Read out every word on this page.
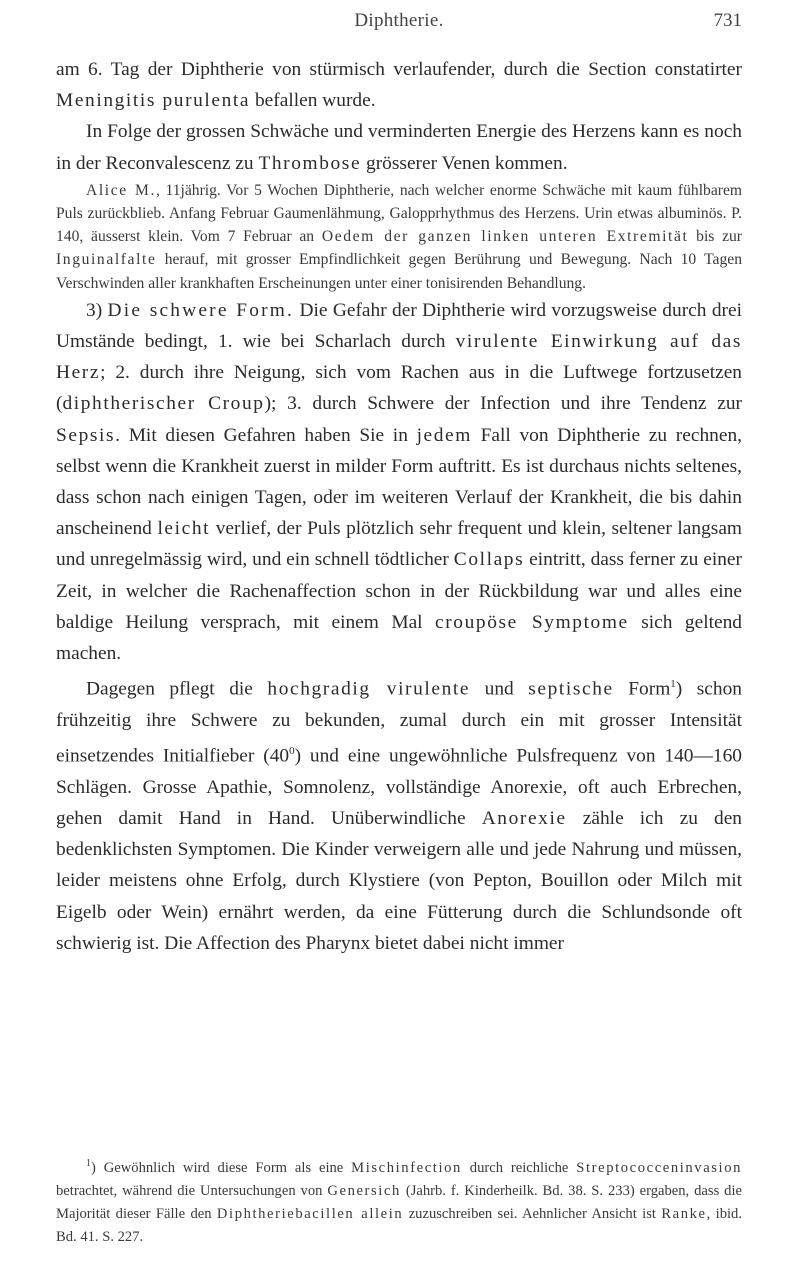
Diphtherie.	731

am 6. Tag der Diphtherie von stürmisch verlaufender, durch die Section constatirter Meningitis purulenta befallen wurde.

In Folge der grossen Schwäche und verminderten Energie des Herzens kann es noch in der Reconvalescenz zu Thrombose grösserer Venen kommen.

Alice M., 11jährig. Vor 5 Wochen Diphtherie, nach welcher enorme Schwäche mit kaum fühlbarem Puls zurückblieb. Anfang Februar Gaumenlähmung, Galopprhythmus des Herzens. Urin etwas albuminös. P. 140, äusserst klein. Vom 7 Februar an Oedem der ganzen linken unteren Extremität bis zur Inguinalfalte herauf, mit grosser Empfindlichkeit gegen Berührung und Bewegung. Nach 10 Tagen Verschwinden aller krankhaften Erscheinungen unter einer tonisirenden Behandlung.

3) Die schwere Form. Die Gefahr der Diphtherie wird vorzugsweise durch drei Umstände bedingt, 1. wie bei Scharlach durch virulente Einwirkung auf das Herz; 2. durch ihre Neigung, sich vom Rachen aus in die Luftwege fortzusetzen (diphtherischer Croup); 3. durch Schwere der Infection und ihre Tendenz zur Sepsis. Mit diesen Gefahren haben Sie in jedem Fall von Diphtherie zu rechnen, selbst wenn die Krankheit zuerst in milder Form auftritt. Es ist durchaus nichts seltenes, dass schon nach einigen Tagen, oder im weiteren Verlauf der Krankheit, die bis dahin anscheinend leicht verlief, der Puls plötzlich sehr frequent und klein, seltener langsam und unregelmässig wird, und ein schnell tödtlicher Collaps eintritt, dass ferner zu einer Zeit, in welcher die Rachenaffection schon in der Rückbildung war und alles eine baldige Heilung versprach, mit einem Mal croupöse Symptome sich geltend machen.

Dagegen pflegt die hochgradig virulente und septische Form$^1$) schon frühzeitig ihre Schwere zu bekunden, zumal durch ein mit grosser Intensität einsetzendes Initialfieber $(40^0)$ und eine ungewöhnliche Pulsfrequenz von 140—160 Schlägen. Grosse Apathie, Somnolenz, vollständige Anorexie, oft auch Erbrechen, gehen damit Hand in Hand. Unüberwindliche Anorexie zähle ich zu den bedenklichsten Symptomen. Die Kinder verweigern alle und jede Nahrung und müssen, leider meistens ohne Erfolg, durch Klystiere (von Pepton, Bouillon oder Milch mit Eigelb oder Wein) ernährt werden, da eine Fütterung durch die Schlundsonde oft schwierig ist. Die Affection des Pharynx bietet dabei nicht immer

$^1$) Gewöhnlich wird diese Form als eine Mischinfection durch reichliche Streptococceninvasion betrachtet, während die Untersuchungen von Genersich (Jahrb. f. Kinderheilk. Bd. 38. S. 233) ergaben, dass die Majorität dieser Fälle den Diphtheriebacillen allein zuzuschreiben sei. Aehnlicher Ansicht ist Ranke, ibid. Bd. 41. S. 227.
